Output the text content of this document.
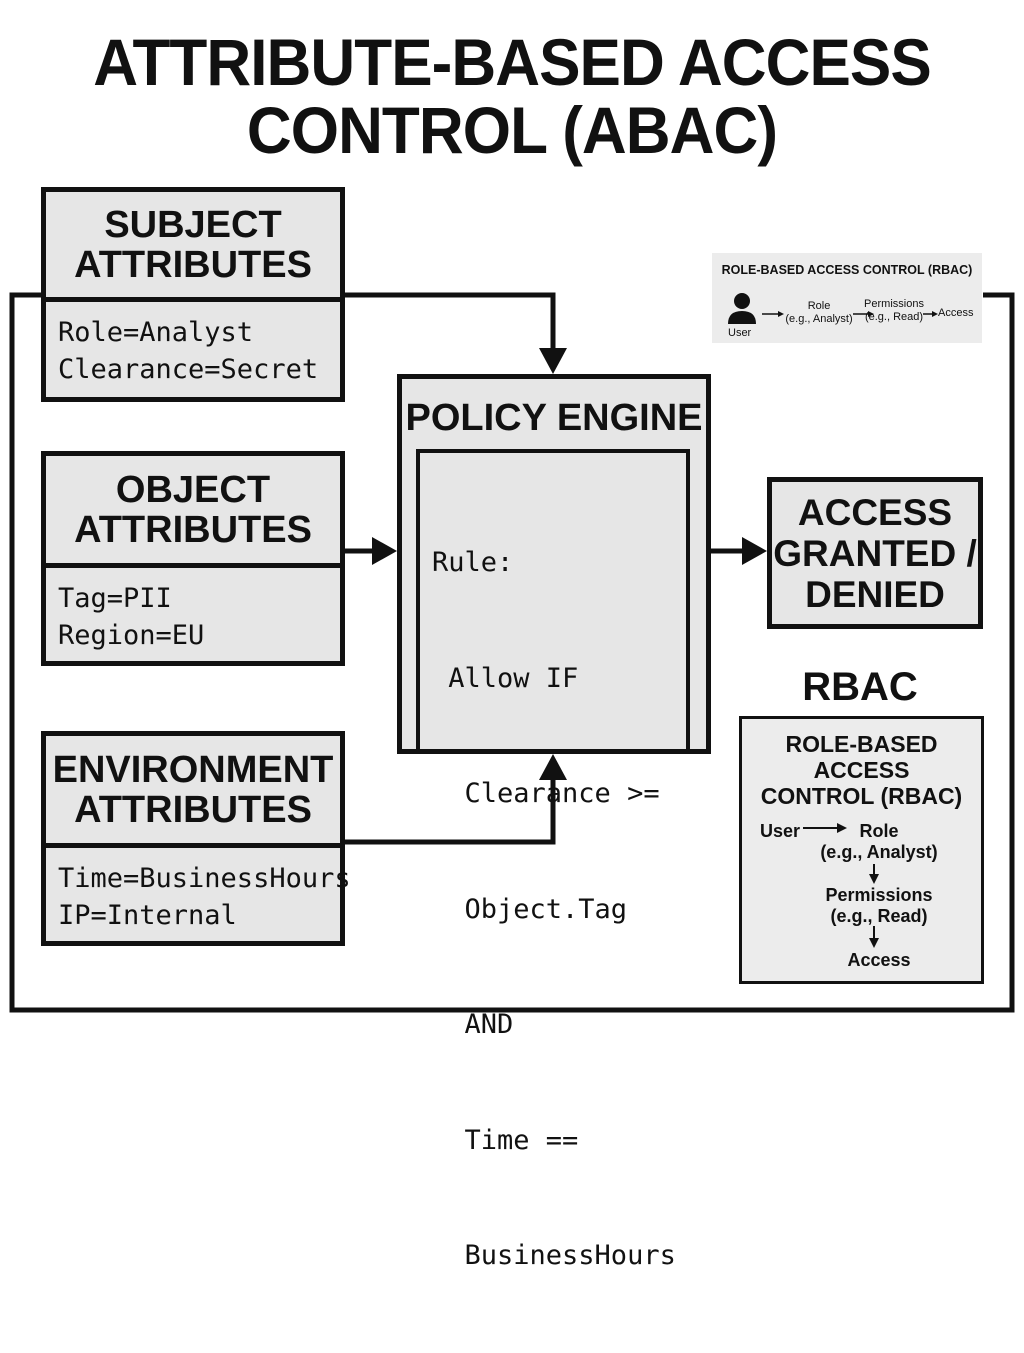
ATTRIBUTE-BASED ACCESS
CONTROL (ABAC)
SUBJECT
ATTRIBUTES
Role=Analyst
Clearance=Secret
OBJECT
ATTRIBUTES
Tag=PII
Region=EU
ENVIRONMENT
ATTRIBUTES
Time=BusinessHours
IP=Internal
POLICY ENGINE

Rule:

Allow IF

Clearance >=

Object.Tag

AND

Time ==

BusinessHours

ACCESS
GRANTED /
DENIED
ROLE-BASED ACCESS CONTROL (RBAC)
User
Role
(e.g., Analyst)
Permissions
(e.g., Read)	Access
RBAC
ROLE-BASED ACCESS
CONTROL (RBAC)
User	Role
(e.g., Analyst)
Permissions
(e.g., Read)
Access
